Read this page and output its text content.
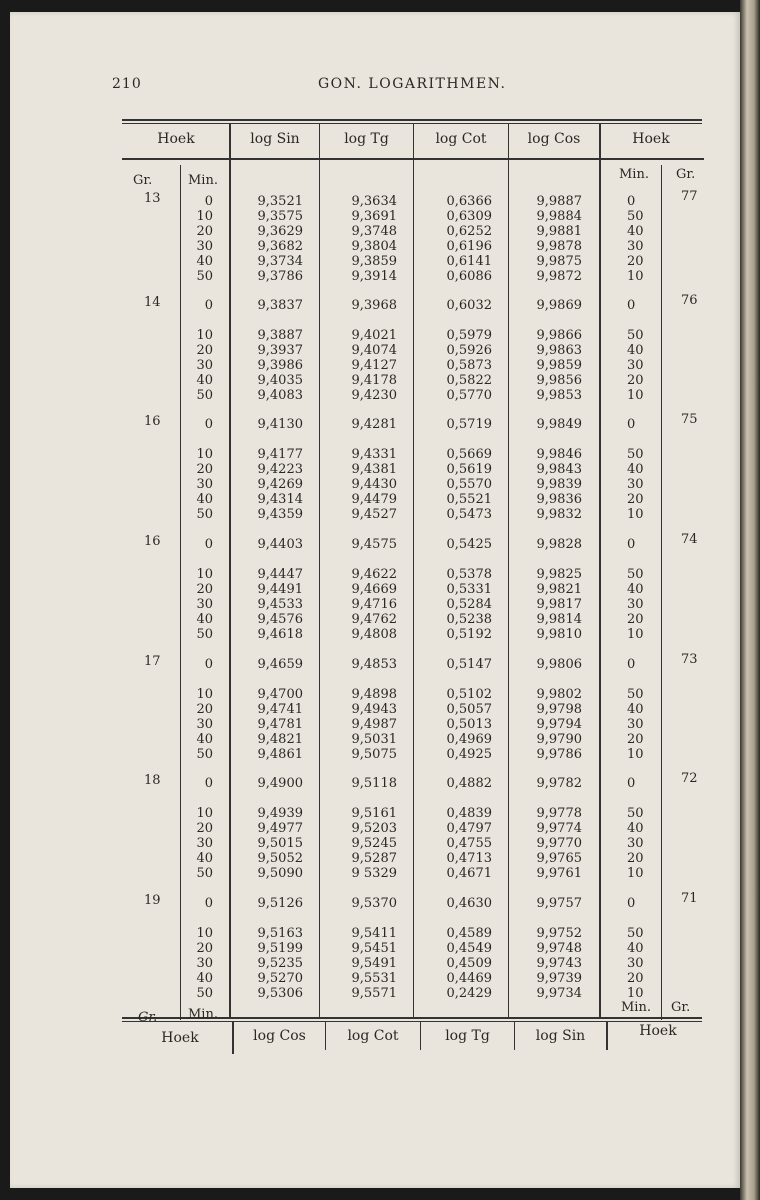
210	GON. LOGARITHMEN.
Hoek	log Sin	log Tg	log Cot	log Cos	Hoek
Gr.	Min.	Min. Gr.
13	77
0	9,3521	9,3634	0,6366	9,9887	0
10	9,3575	9,3691	0,6309	9,9884	50
20	9,3629	9,3748	0,6252	9,9881	40
30	9,3682	9,3804	0,6196	9,9878	30
40	9,3734	9,3859	0,6141	9,9875	20
50	9,3786	9,3914	0,6086	9,9872	10
14	76
0	9,3837	9,3968	0,6032	9,9869	0
10	9,3887	9,4021	0,5979	9,9866	50
20	9,3937	9,4074	0,5926	9,9863	40
30	9,3986	9,4127	0,5873	9,9859	30
40	9,4035	9,4178	0,5822	9,9856	20
50	9,4083	9,4230	0,5770	9,9853	10
16	75
0	9,4130	9,4281	0,5719	9,9849	0
10	9,4177	9,4331	0,5669	9,9846	50
20	9,4223	9,4381	0,5619	9,9843	40
30	9,4269	9,4430	0,5570	9,9839	30
40	9,4314	9,4479	0,5521	9,9836	20
50	9,4359	9,4527	0,5473	9,9832	10
16	74
0	9,4403	9,4575	0,5425	9,9828	0
10	9,4447	9,4622	0,5378	9,9825	50
20	9,4491	9,4669	0,5331	9,9821	40
30	9,4533	9,4716	0,5284	9,9817	30
40	9,4576	9,4762	0,5238	9,9814	20
50	9,4618	9,4808	0,5192	9,9810	10
17	73
0	9,4659	9,4853	0,5147	9,9806	0
10	9,4700	9,4898	0,5102	9,9802	50
20	9,4741	9,4943	0,5057	9,9798	40
30	9,4781	9,4987	0,5013	9,9794	30
40	9,4821	9,5031	0,4969	9,9790	20
50	9,4861	9,5075	0,4925	9,9786	10
18	72
0	9,4900	9,5118	0,4882	9,9782	0
10	9,4939	9,5161	0,4839	9,9778	50
20	9,4977	9,5203	0,4797	9,9774	40
30	9,5015	9,5245	0,4755	9,9770	30
40	9,5052	9,5287	0,4713	9,9765	20
50	9,5090	9 5329	0,4671	9,9761	10
19	71
0	9,5126	9,5370	0,4630	9,9757	0
10	9,5163	9,5411	0,4589	9,9752	50
20	9,5199	9,5451	0,4549	9,9748	40
30	9,5235	9,5491	0,4509	9,9743	30
40	9,5270	9,5531	0,4469	9,9739	20
50	9,5306	9,5571	0,2429	9,9734	10
Gr. Min.	Min. Gr.
Hoek	log Cos	log Cot	log Tg	log Sin	Hoek
